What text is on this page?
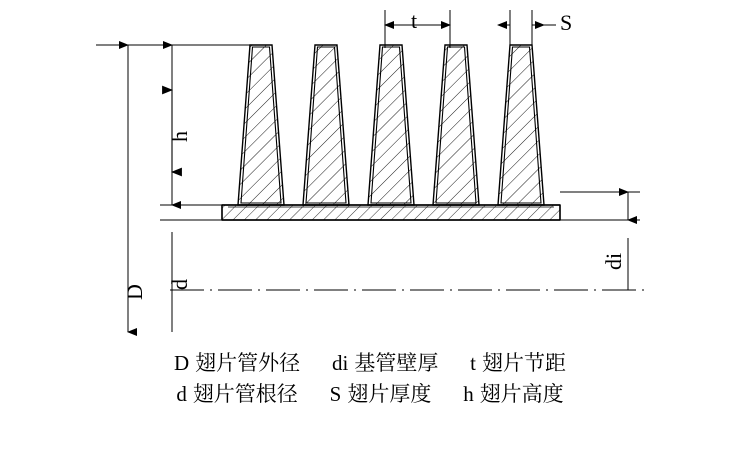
D d
h
t	S
di
D 翅片管外径 di 基管壁厚 t 翅片节距
d 翅片管根径 S 翅片厚度 h 翅片高度
